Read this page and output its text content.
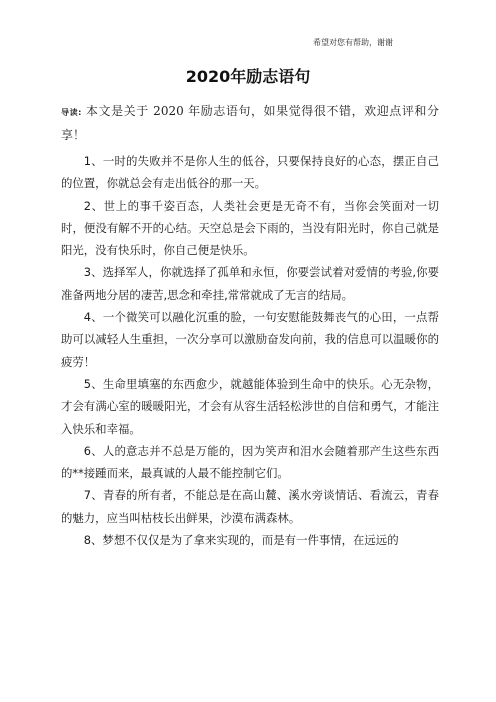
希望对您有帮助，谢谢
2020年励志语句
导读: 本文是关于 2020 年励志语句，如果觉得很不错，欢迎点评和分享！

1、一时的失败并不是你人生的低谷，只要保持良好的心态，摆正自己的位置，你就总会有走出低谷的那一天。

2、世上的事千姿百态，人类社会更是无奇不有，当你会笑面对一切时，便没有解不开的心结。天空总是会下雨的，当没有阳光时，你自己就是阳光，没有快乐时，你自己便是快乐。

3、选择军人，你就选择了孤单和永恒，你要尝试着对爱情的考验,你要准备两地分居的凄苦,思念和牵挂,常常就成了无言的结局。

4、一个微笑可以融化沉重的脸，一句安慰能鼓舞丧气的心田，一点帮助可以减轻人生重担，一次分享可以激励奋发向前，我的信息可以温暖你的疲劳！

5、生命里填塞的东西愈少，就越能体验到生命中的快乐。心无杂物，才会有满心室的暖暖阳光，才会有从容生活轻松涉世的自信和勇气，才能注入快乐和幸福。

6、人的意志并不总是万能的，因为笑声和泪水会随着那产生这些东西的**接踵而来，最真诚的人最不能控制它们。

7、青春的所有者，不能总是在高山麓、溪水旁谈情话、看流云，青春的魅力，应当叫枯枝长出鲜果，沙漠布满森林。

8、梦想不仅仅是为了拿来实现的，而是有一件事情，在远远的
